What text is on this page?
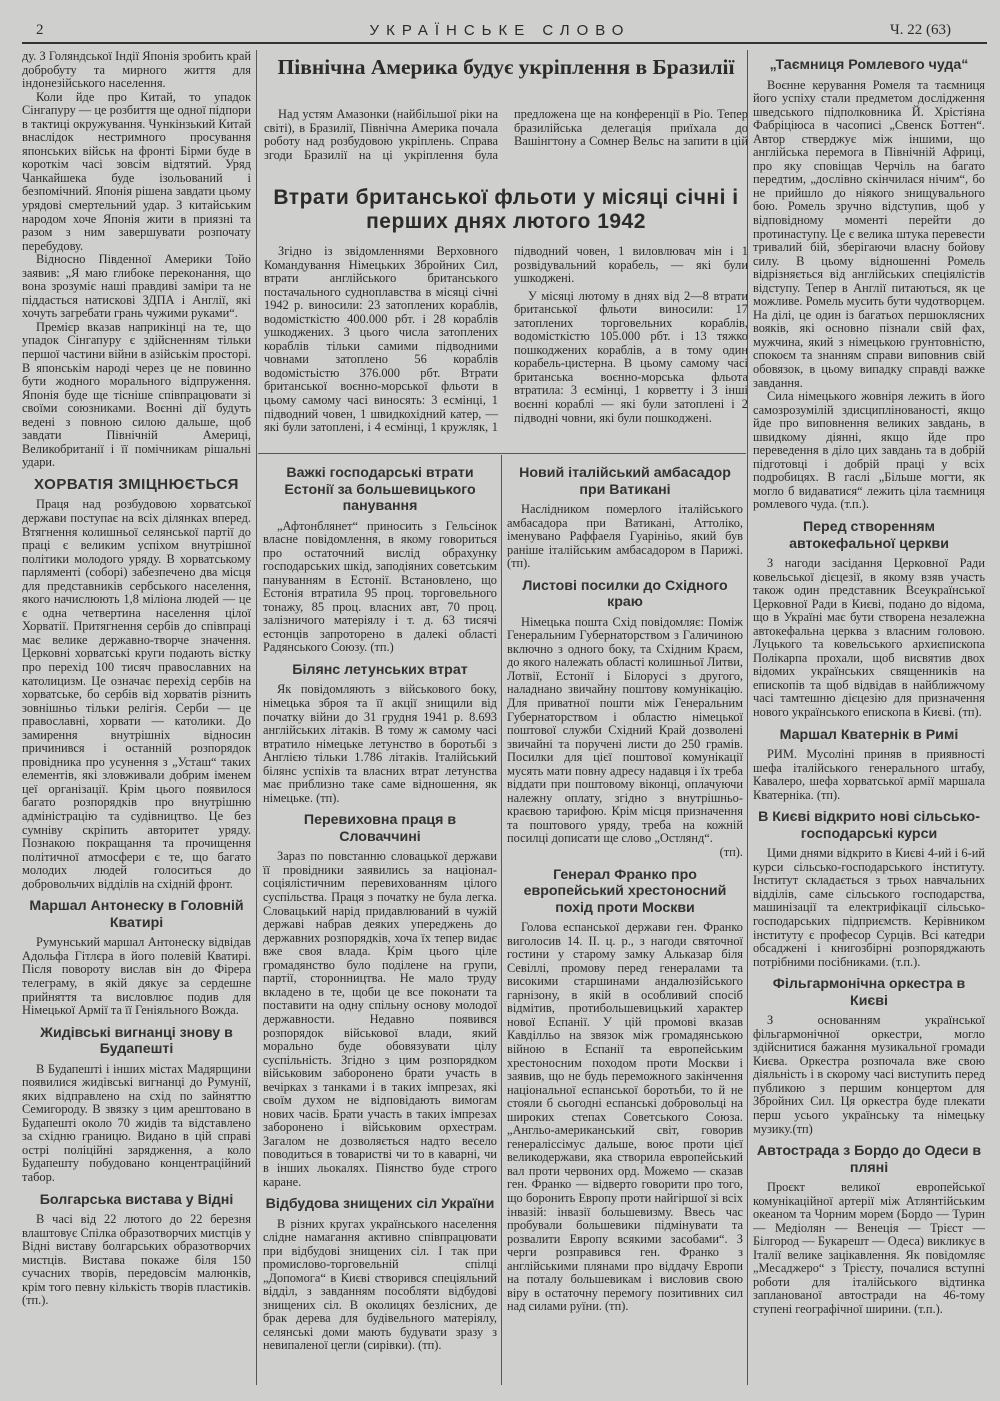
2	УКРАЇНСЬКЕ СЛОВО	Ч. 22 (63)

ду. З Голяндської Індії Японія зробить край добробуту та мирного життя для індонезійського населення.

Коли йде про Китай, то упадок Сінгапуру — це розбиття ще одної підпори в тактиці окружування. Чункінзький Китай внаслідок нестримного просування японських військ на фронті Бірми буде в короткім часі зовсім відтятий. Уряд Чанкайшека буде ізольований і безпомічний. Японія рішена завдати цьому урядові смертельний удар. З китайським народом хоче Японія жити в приязні та разом з ним завершувати розпочату перебудову.

Відносно Південної Америки Тойо заявив: „Я маю глибоке переконання, що вона зрозуміє наші правдиві заміри та не піддасться натискові ЗДПА і Англії, які хочуть загребати грань чужими руками“.

Премієр вказав наприкінці на те, що упадок Сінгапуру є здійсненням тільки першої частини війни в азійськім просторі. В японськім народі через це не повинно бути жодного морального відпруження. Японія буде ще тісніше співпрацювати зі своїми союзниками. Воєнні дії будуть ведені з повною силою дальше, щоб завдати Північній Америці, Великобританії і її помічникам рішальні удари.

ХОРВАТІЯ ЗМІЦНЮЄТЬСЯ

Праця над розбудовою хорватської держави поступає на всіх ділянках вперед. Втягнення колишньої селянської партії до праці є великим успіхом внутрішної політики молодого уряду. В хорватському парляменті (соборі) забезпечено два місця для представників сербського населення, якого начислюють 1,8 міліона людей — це є одна четвертина населення цілої Хорватії. Притягнення сербів до співпраці має велике державно-творче значення. Церковні хорватські круги подають вістку про перехід 100 тисяч православних на католицизм. Це означає перехід сербів на хорватське, бо сербів від хорватів різнить зовнішньо тільки релігія. Серби — це православні, хорвати — католики. До замирення внутрішніх відносин причинився і останній розпорядок провідника про усунення з „Усташ“ таких елементів, які зловживали добрим іменем цеї організації. Крім цього появилося багато розпорядків про внутрішню адміністрацію та судівництво. Це без сумніву скріпить авторитет уряду. Познакою покращання та прочищення політичної атмосфери є те, що багато молодих людей голоситься до добровольчих відділів на східній фронт.

Маршал Антонеску в Головній Кватирі

Румунський маршал Антонеску відвідав Адольфа Гітлєра в його полевій Кватирі. Після повороту вислав він до Фірера телеграму, в якій дякує за сердешне прийняття та висловлює подив для Німецької Армії та її Геніяльного Вожда.

Жидівські вигнанці знову в Будапешті

В Будапешті і інших містах Мадярщини появилися жидівські вигнанці до Румунії, яких відправлено на схід по зайняттю Семигороду. В звязку з цим арештовано в Будапешті около 70 жидів та відставлено за східню границю. Видано в цій справі острі поліційні зарядження, а коло Будапешту побудовано концентраційний табор.

Болгарська вистава у Відні

В часі від 22 лютого до 22 березня влаштовує Спілка образотворчих мистців у Відні виставу болгарських образотворчих мистців. Вистава покаже біля 150 сучасних творів, передовсім малюнків, крім того певну кількість творів пластиків. (тп.).

Північна Америка будує укріплення в Бразилії

Над устям Амазонки (найбільшої ріки на світі), в Бразилії, Північна Америка почала роботу над розбудовою укріплень. Справа згоди Бразилії на ці укріплення була предложена ще на конференції в Ріо. Тепер бразилійська делегація приїхала до Вашінгтону а Сомнер Вельс на запити в цій

Втрати британської фльоти у місяці січні і перших днях лютого 1942

Згідно із звідомленнями Верховного Командування Німецьких Збройних Сил, втрати англійського британського постачального судноплавства в місяці січні 1942 р. виносили: 23 затоплених кораблів, водомісткістю 400.000 рбт. і 28 кораблів ушкоджених. З цього числа затоплених кораблів тільки самими підводними човнами затоплено 56 кораблів водомістьістю 376.000 рбт. Втрати британської воєнно-морської фльоти в цьому самому часі виносять: 3 есмінці, 1 підводний човен, 1 швидкохідний катер, — які були затоплені, і 4 есмінці, 1 кружляк, 1 підводний човен, 1 виловлювач мін і 1 розвідувальний корабель, — які були ушкоджені.

У місяці лютому в днях від 2—8 втрати британської фльоти виносили: 17 затоплених торговельних кораблів, водомісткістю 105.000 рбт. і 13 тяжко пошкоджених кораблів, а в тому один корабель-цистерна. В цьому самому часі британська воєнно-морська фльота втратила: 3 есмінці, 1 корветту і 3 інші воєнні кораблі — які були затоплені і 2 підводні човни, які були пошкоджені.

Важкі господарські втрати Естонії за большевицького панування

„Афтонблянет“ приносить з Гельсінок власне повідомлення, в якому говориться про остаточний вислід обрахунку господарських шкід, заподіяних советським пануванням в Естонії. Встановлено, що Естонія втратила 95 проц. торговельного тонажу, 85 проц. власних авт, 70 проц. залізничого матеріялу і т. д. 63 тисячі естонців запроторено в далекі області Радянського Союзу. (тп.)

Білянс летунських втрат

Як повідомляють з військового боку, німецька зброя та її акції знищили від початку війни до 31 грудня 1941 р. 8.693 англійських літаків. В тому ж самому часі втратило німецьке летунство в боротьбі з Англією тільки 1.786 літаків. Італійський білянс успіхів та власних втрат летунства має приблизно таке саме відношення, як німецьке. (тп).

Перевиховна праця в Словаччині

Зараз по повстанню словацької держави її провідники заявились за націонал-соціялістичним перевихованням цілого суспільства. Праця з початку не була легка. Словацький нарід придавлюваний в чужій державі набрав деяких упереджень до державних розпорядків, хоча їх тепер видає вже своя влада. Крім цього ціле громадянство було поділене на групи, партії, сторонництва. Не мало труду вкладено в те, щоби це все поконати та поставити на одну спільну основу молодої державности. Недавно появився розпорядок військової влади, який морально буде обовязувати цілу суспільність. Згідно з цим розпорядком військовим заборонено брати участь в вечірках з танками і в таких імпрезах, які своїм духом не відповідають вимогам нових часів. Брати участь в таких імпрезах заборонено і військовим орхестрам. Загалом не дозволяється надто весело поводиться в товаристві чи то в каварні, чи в інших льокалях. Піянство буде строго каране.

Відбудова знищених сіл України

В різних кругах українського населення слідне намагання активно співпрацювати при відбудові знищених сіл. І так при промислово-торговельній спілці „Допомога“ в Києві створився спеціяльний відділ, з завданням пособляти відбудові знищених сіл. В околицях безлісних, де брак дерева для будівельного матеріялу, селянські доми мають будувати зразу з невипаленої цегли (сирівки). (тп).

Новий італійський амбасадор при Ватикані

Наслідником померлого італійського амбасадора при Ватикані, Аттоліко, іменувано Раффаеля Гуарініьо, який був раніше італійським амбасадором в Парижі. (тп).

Листові посилки до Східного краю

Німецька пошта Схід повідомляє: Поміж Генеральним Губернаторством з Галичиною включно з одного боку, та Східним Краєм, до якого належать області колишньої Литви, Лотвії, Естонії і Білорусі з другого, наладнано звичайну поштову комунікацію. Для приватної пошти між Генеральним Губернаторством і областю німецької поштової служби Східний Край дозволені звичайні та поручені листи до 250 грамів. Посилки для цієї поштової комунікації мусять мати повну адресу надавця і їх треба віддати при поштовому віконці, оплачуючи належну оплату, згідно з внутрішньо-краєвою тарифою. Крім місця призначення та поштового уряду, треба на кожній посилці дописати ще слово „Остлянд“.

(тп).
Генерал Франко про европейський хрестоносний похід проти Москви

Голова еспанської держави ген. Франко виголосив 14. II. ц. р., з нагоди святочної гостини у старому замку Альказар біля Севіллі, промову перед генералами та високими старшинами андалюзійського гарнізону, в якій в особливий спосіб відмітив, протибольшевицький характер нової Еспанії. У цій промові вказав Кавділльо на звязок між громадянською війною в Еспанії та европейським хрестоносним походом проти Москви і заявив, що не будь переможного закінчення національної еспанської боротьби, то й не стояли б сьогодні еспанські добровольці на широких степах Советського Союза. „Англьо-американський світ, говорив генераліссімус дальше, воює проти цієї великодержави, яка створила европейський вал проти червоних орд. Можемо — сказав ген. Франко — відверто говорити про того, що боронить Европу проти найгіршої зі всіх інвазій: інвазії большевизму. Ввесь час пробували большевики підмінувати та розвалити Европу всякими засобами“. З черги розправився ген. Франко з англійськими плянами про віддачу Европи на поталу большевикам і висловив свою віру в остаточну перемогу позитивних сил над силами руїни. (тп).

„Таємниця Ромлевого чуда“

Воєнне керування Ромеля та таємниця його успіху стали предметом дослідження шведського підполковника Й. Хрістіяна Фабріціюса в часописі „Свенск Боттен“. Автор стверджує між іншими, що англійська перемога в Північній Африці, про яку сповіщав Черчіль на багато передтим, „дослівно скінчилася нічим“, бо не прийшло до ніякого знищувального бою. Ромель зручно відступив, щоб у відповідному моменті перейти до протинаступу. Це є велика штука перевести тривалий бій, зберігаючи власну бойову силу. В цьому відношенні Ромель відрізняється від англійських спеціялістів відступу. Тепер в Англії питаються, як це можливе. Ромель мусить бути чудотворцем. На ділі, це один із багатьох першоклясних вояків, які основно пізнали свій фах, мужчина, який з німецькою грунтовністю, спокоєм та знанням справи виповнив свій обовязок, в цьому випадку справді важке завдання.

Сила німецького жовніря лежить в його самозрозумілій здисциплінованості, якщо йде про виповнення великих завдань, в швидкому діянні, якщо йде про переведення в діло цих завдань та в добрій підготовці і добрій праці у всіх подробицях. В гаслі „Більше могти, як могло б видаватися“ лежить ціла таємниця ромлевого чуда. (т.п.).

Перед створенням автокефальної церкви

З нагоди засідання Церковної Ради ковельської дієцезії, в якому взяв участь також один представник Всеукраїнської Церковної Ради в Києві, подано до відома, що в Україні має бути створена незалежна автокефальна церква з власним головою. Луцького та ковельського архиєпископа Полікарпа прохали, щоб висвятив двох відомих українських священників на епископів та щоб відвідав в найближчому часі тамтешню дієцезію для призначення нового українського епископа в Києві. (тп).

Маршал Кватернік в Римі

РИМ. Мусоліні приняв в приявності шефа італійського генерального штабу, Кавалеро, шефа хорватської армії маршала Кватерніка. (тп).

В Києві відкрито нові сільсько-господарські курси

Цими днями відкрито в Києві 4-ий і 6-ий курси сільсько-господарського інституту. Інститут складається з трьох навчальних відділів, саме сільського господарства, машинізації та електрифікації сільсько-господарських підприємств. Керівником інституту є професор Сурців. Всі катедри обсаджені і книгозбірні розпоряджають потрібними посібниками. (т.п.).

Фільгармонічна оркестра в Києві

З основанням української фільгармонічної оркестри, могло здійснитися бажання музикальної громади Києва. Оркестра розпочала вже свою діяльність і в скорому часі виступить перед публикою з першим концертом для Збройних Сил. Ця оркестра буде плекати перш усього українську та німецьку музику.(тп)

Автострада з Бордо до Одеси в пляні

Проєкт великої европейської комунікаційної артерії між Атлянтійським океаном та Чорним морем (Бордо — Турин — Медіолян — Венеція — Трієст — Білгород — Букарешт — Одеса) викликує в Італії велике зацікавлення. Як повідомляє „Месаджеро“ з Трієсту, почалися вступні роботи для італійського відтинка запланованої автостради на 46-тому ступені географічної ширини. (т.п.).
